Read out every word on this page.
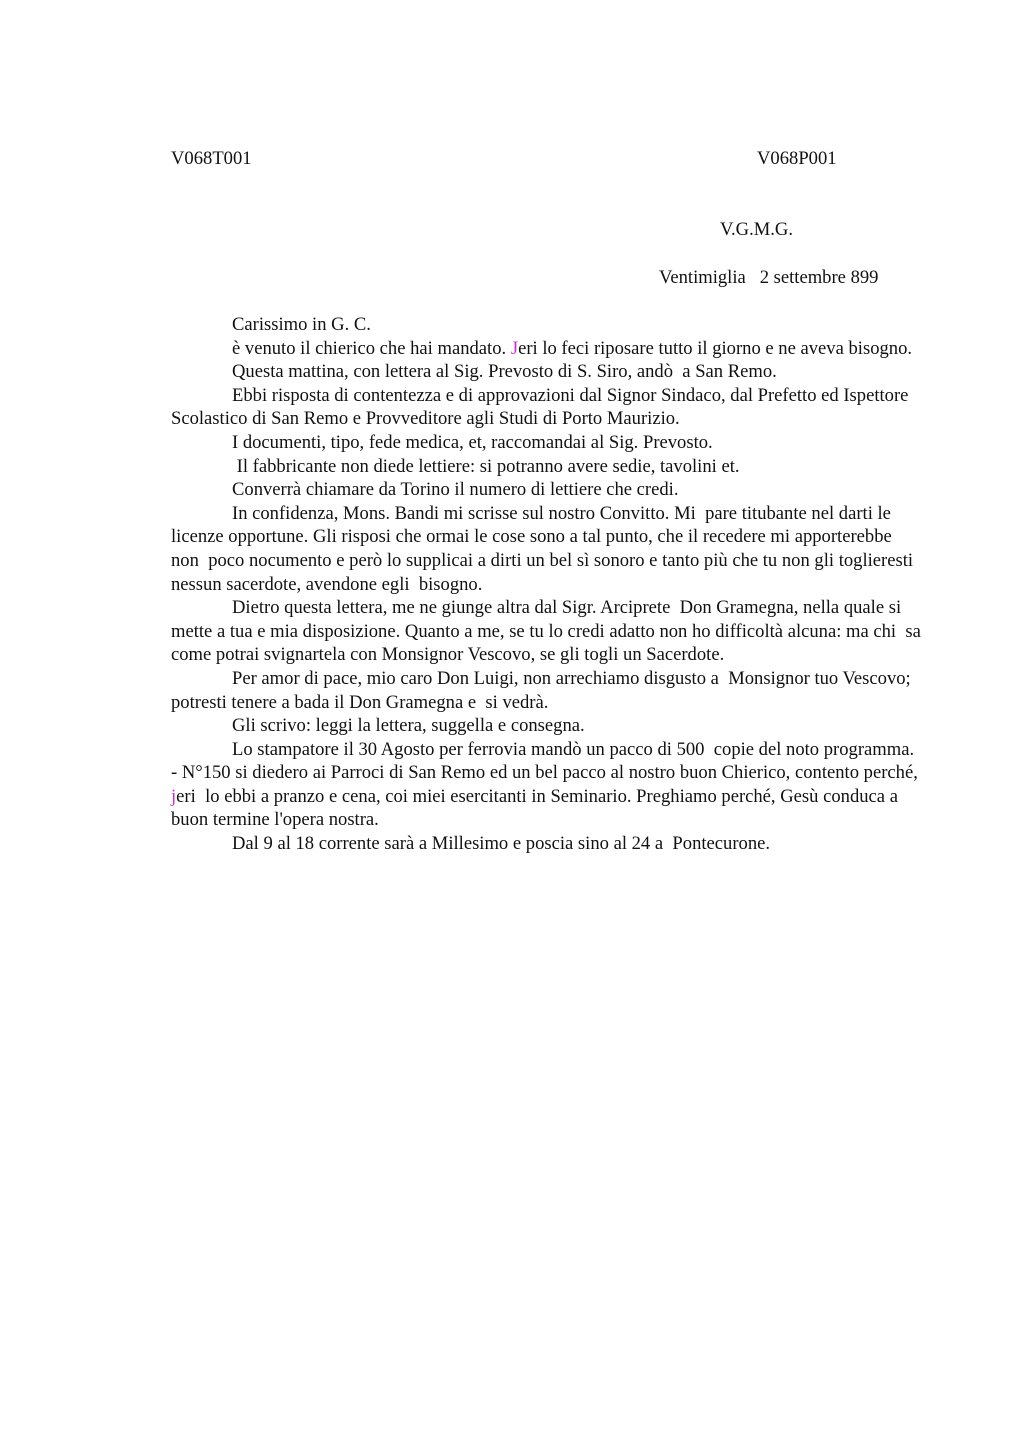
V068T001	V068P001
V.G.M.G.
Ventimiglia   2 settembre 899

Carissimo in G. C.

è venuto il chierico che hai mandato. Jeri lo feci riposare tutto il giorno e ne aveva bisogno.

Questa mattina, con lettera al Sig. Prevosto di S. Siro, andò  a San Remo.

Ebbi risposta di contentezza e di approvazioni dal Signor Sindaco, dal Prefetto ed Ispettore Scolastico di San Remo e Provveditore agli Studi di Porto Maurizio.

I documenti, tipo, fede medica, et, raccomandai al Sig. Prevosto.

Il fabbricante non diede lettiere: si potranno avere sedie, tavolini et.

Converrà chiamare da Torino il numero di lettiere che credi.

In confidenza, Mons. Bandi mi scrisse sul nostro Convitto. Mi  pare titubante nel darti le licenze opportune. Gli risposi che ormai le cose sono a tal punto, che il recedere mi apporterebbe non  poco nocumento e però lo supplicai a dirti un bel sì sonoro e tanto più che tu non gli toglieresti nessun sacerdote, avendone egli  bisogno.

Dietro questa lettera, me ne giunge altra dal Sigr. Arciprete  Don Gramegna, nella quale si mette a tua e mia disposizione. Quanto a me, se tu lo credi adatto non ho difficoltà alcuna: ma chi  sa come potrai svignartela con Monsignor Vescovo, se gli togli un Sacerdote.

Per amor di pace, mio caro Don Luigi, non arrechiamo disgusto a  Monsignor tuo Vescovo; potresti tenere a bada il Don Gramegna e  si vedrà.

Gli scrivo: leggi la lettera, suggella e consegna.

Lo stampatore il 30 Agosto per ferrovia mandò un pacco di 500  copie del noto programma. - N°150 si diedero ai Parroci di San Remo ed un bel pacco al nostro buon Chierico, contento perché, jeri  lo ebbi a pranzo e cena, coi miei esercitanti in Seminario. Preghiamo perché, Gesù conduca a buon termine l'opera nostra.

Dal 9 al 18 corrente sarà a Millesimo e poscia sino al 24 a  Pontecurone.
